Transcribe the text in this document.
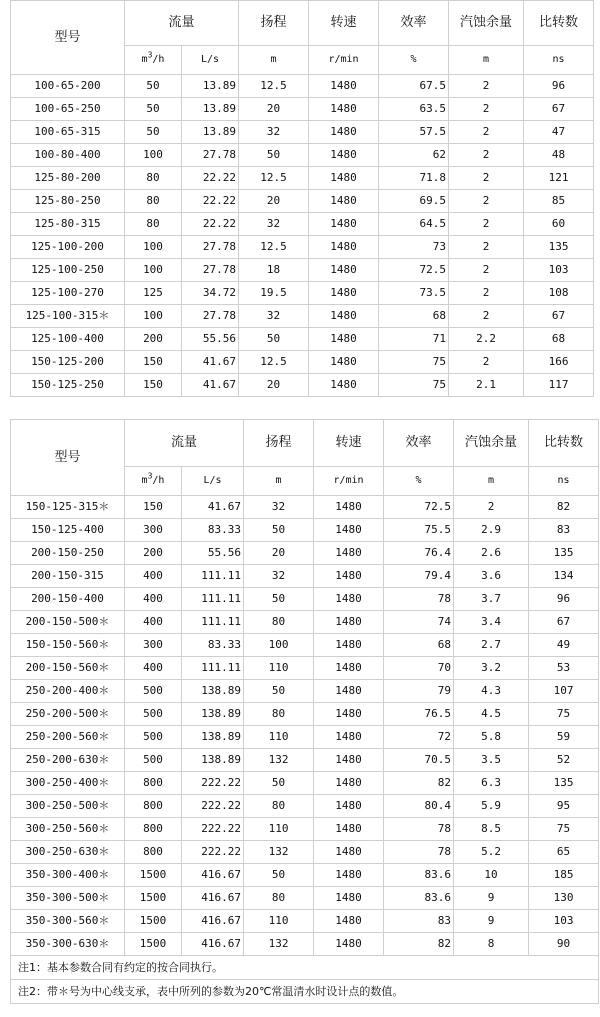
型号	流量		扬程	转速	效率	汽蚀余量	比转数
	$m^3/h$	L/s	m	r/min	%	m	ns
100-65-200	50	13.89	12.5	1480	67.5	2	96
100-65-250	50	13.89	20	1480	63.5	2	67
100-65-315	50	13.89	32	1480	57.5	2	47
100-80-400	100	27.78	50	1480	62	2	48
125-80-200	80	22.22	12.5	1480	71.8	2	121
125-80-250	80	22.22	20	1480	69.5	2	85
125-80-315	80	22.22	32	1480	64.5	2	60
125-100-200	100	27.78	12.5	1480	73	2	135
125-100-250	100	27.78	18	1480	72.5	2	103
125-100-270	125	34.72	19.5	1480	73.5	2	108
125-100-315＊	100	27.78	32	1480	68	2	67
125-100-400	200	55.56	50	1480	71	2.2	68
150-125-200	150	41.67	12.5	1480	75	2	166
150-125-250	150	41.67	20	1480	75	2.1	117
型号	流量		扬程	转速	效率	汽蚀余量	比转数
	$m^3/h$	L/s	m	r/min	%	m	ns
150-125-315＊	150	41.67	32	1480	72.5	2	82
150-125-400	300	83.33	50	1480	75.5	2.9	83
200-150-250	200	55.56	20	1480	76.4	2.6	135
200-150-315	400	111.11	32	1480	79.4	3.6	134
200-150-400	400	111.11	50	1480	78	3.7	96
200-150-500＊	400	111.11	80	1480	74	3.4	67
150-150-560＊	300	83.33	100	1480	68	2.7	49
200-150-560＊	400	111.11	110	1480	70	3.2	53
250-200-400＊	500	138.89	50	1480	79	4.3	107
250-200-500＊	500	138.89	80	1480	76.5	4.5	75
250-200-560＊	500	138.89	110	1480	72	5.8	59
250-200-630＊	500	138.89	132	1480	70.5	3.5	52
300-250-400＊	800	222.22	50	1480	82	6.3	135
300-250-500＊	800	222.22	80	1480	80.4	5.9	95
300-250-560＊	800	222.22	110	1480	78	8.5	75
300-250-630＊	800	222.22	132	1480	78	5.2	65
350-300-400＊	1500	416.67	50	1480	83.6	10	185
350-300-500＊	1500	416.67	80	1480	83.6	9	130
350-300-560＊	1500	416.67	110	1480	83	9	103
350-300-630＊	1500	416.67	132	1480	82	8	90
注1：基本参数合同有约定的按合同执行。							
注2：带＊号为中心线支承，表中所列的参数为20℃常温清水时设计点的数值。							
